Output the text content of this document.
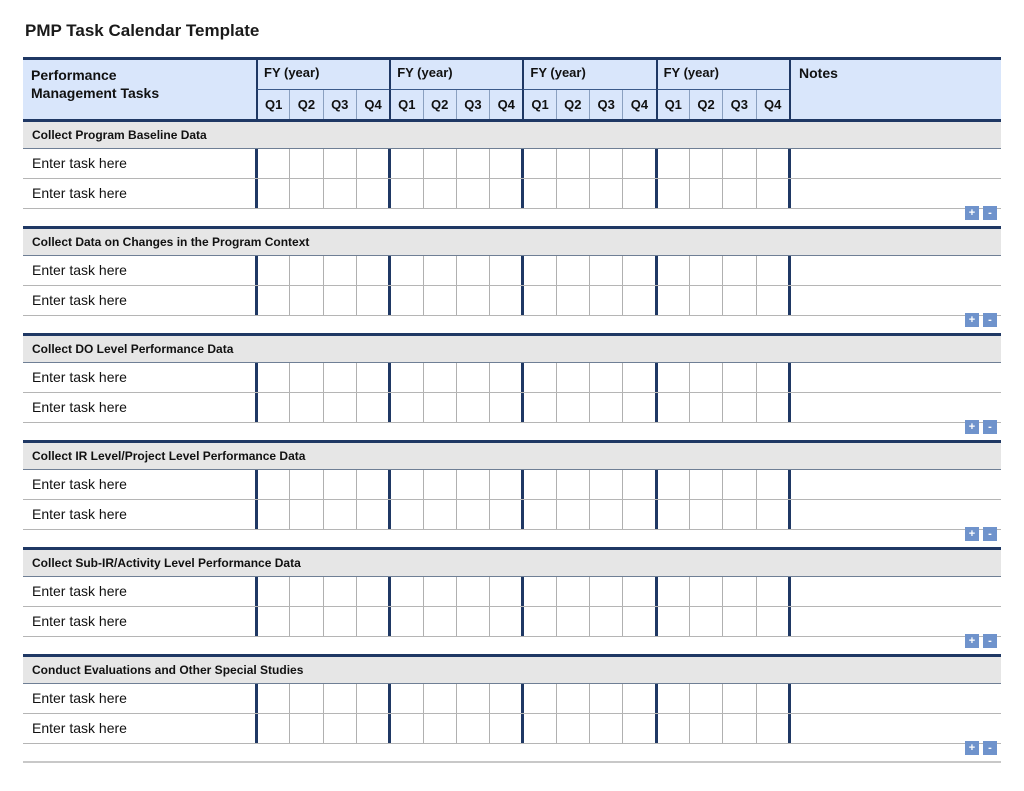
PMP Task Calendar Template
Performance
Management Tasks
FY (year)
Q1	Q2	Q3	Q4
FY (year)
Q1	Q2	Q3	Q4
FY (year)
Q1	Q2	Q3	Q4
FY (year)
Q1	Q2	Q3	Q4
Notes
Collect Program Baseline Data
Enter task here
Enter task here
+	-
Collect Data on Changes in the Program Context
Enter task here
Enter task here
+	-
Collect DO Level Performance Data
Enter task here
Enter task here
+	-
Collect IR Level/Project Level Performance Data
Enter task here
Enter task here
+	-
Collect Sub-IR/Activity Level Performance Data
Enter task here
Enter task here
+	-
Conduct Evaluations and Other Special Studies
Enter task here
Enter task here
+	-
